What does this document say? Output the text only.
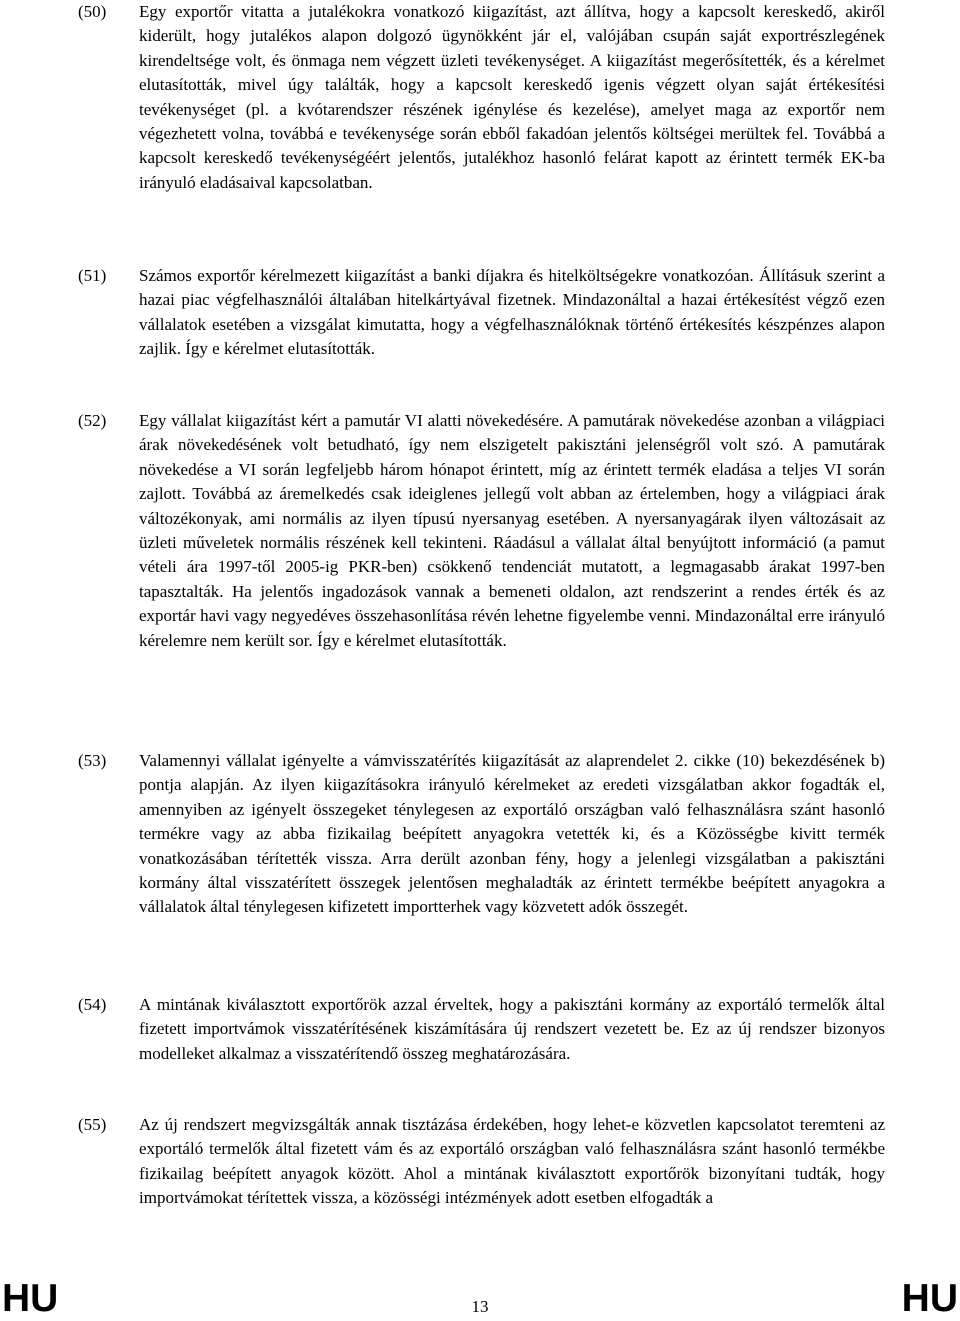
(50) Egy exportőr vitatta a jutalékokra vonatkozó kiigazítást, azt állítva, hogy a kapcsolt kereskedő, akiről kiderült, hogy jutalékos alapon dolgozó ügynökként jár el, valójában csupán saját exportrészlegének kirendeltsége volt, és önmaga nem végzett üzleti tevékenységet. A kiigazítást megerősítették, és a kérelmet elutasították, mivel úgy találták, hogy a kapcsolt kereskedő igenis végzett olyan saját értékesítési tevékenységet (pl. a kvótarendszer részének igénylése és kezelése), amelyet maga az exportőr nem végezhetett volna, továbbá e tevékenysége során ebből fakadóan jelentős költségei merültek fel. Továbbá a kapcsolt kereskedő tevékenységéért jelentős, jutalékhoz hasonló felárat kapott az érintett termék EK-ba irányuló eladásaival kapcsolatban.

(51) Számos exportőr kérelmezett kiigazítást a banki díjakra és hitelköltségekre vonatkozóan. Állításuk szerint a hazai piac végfelhasználói általában hitelkártyával fizetnek. Mindazonáltal a hazai értékesítést végző ezen vállalatok esetében a vizsgálat kimutatta, hogy a végfelhasználóknak történő értékesítés készpénzes alapon zajlik. Így e kérelmet elutasították.

(52) Egy vállalat kiigazítást kért a pamutár VI alatti növekedésére. A pamutárak növekedése azonban a világpiaci árak növekedésének volt betudható, így nem elszigetelt pakisztáni jelenségről volt szó. A pamutárak növekedése a VI során legfeljebb három hónapot érintett, míg az érintett termék eladása a teljes VI során zajlott. Továbbá az áremelkedés csak ideiglenes jellegű volt abban az értelemben, hogy a világpiaci árak változékonyak, ami normális az ilyen típusú nyersanyag esetében. A nyersanyagárak ilyen változásait az üzleti műveletek normális részének kell tekinteni. Ráadásul a vállalat által benyújtott információ (a pamut vételi ára 1997-től 2005-ig PKR-ben) csökkenő tendenciát mutatott, a legmagasabb árakat 1997-ben tapasztalták. Ha jelentős ingadozások vannak a bemeneti oldalon, azt rendszerint a rendes érték és az exportár havi vagy negyedéves összehasonlítása révén lehetne figyelembe venni. Mindazonáltal erre irányuló kérelemre nem került sor. Így e kérelmet elutasították.

(53) Valamennyi vállalat igényelte a vámvisszatérítés kiigazítását az alaprendelet 2. cikke (10) bekezdésének b) pontja alapján. Az ilyen kiigazításokra irányuló kérelmeket az eredeti vizsgálatban akkor fogadták el, amennyiben az igényelt összegeket ténylegesen az exportáló országban való felhasználásra szánt hasonló termékre vagy az abba fizikailag beépített anyagokra vetették ki, és a Közösségbe kivitt termék vonatkozásában térítették vissza. Arra derült azonban fény, hogy a jelenlegi vizsgálatban a pakisztáni kormány által visszatérített összegek jelentősen meghaladták az érintett termékbe beépített anyagokra a vállalatok által ténylegesen kifizetett importterhek vagy közvetett adók összegét.

(54) A mintának kiválasztott exportőrök azzal érveltek, hogy a pakisztáni kormány az exportáló termelők által fizetett importvámok visszatérítésének kiszámítására új rendszert vezetett be. Ez az új rendszer bizonyos modelleket alkalmaz a visszatérítendő összeg meghatározására.

(55) Az új rendszert megvizsgálták annak tisztázása érdekében, hogy lehet-e közvetlen kapcsolatot teremteni az exportáló termelők által fizetett vám és az exportáló országban való felhasználásra szánt hasonló termékbe fizikailag beépített anyagok között. Ahol a mintának kiválasztott exportőrök bizonyítani tudták, hogy importvámokat térítettek vissza, a közösségi intézmények adott esetben elfogadták a

HU	13	HU
